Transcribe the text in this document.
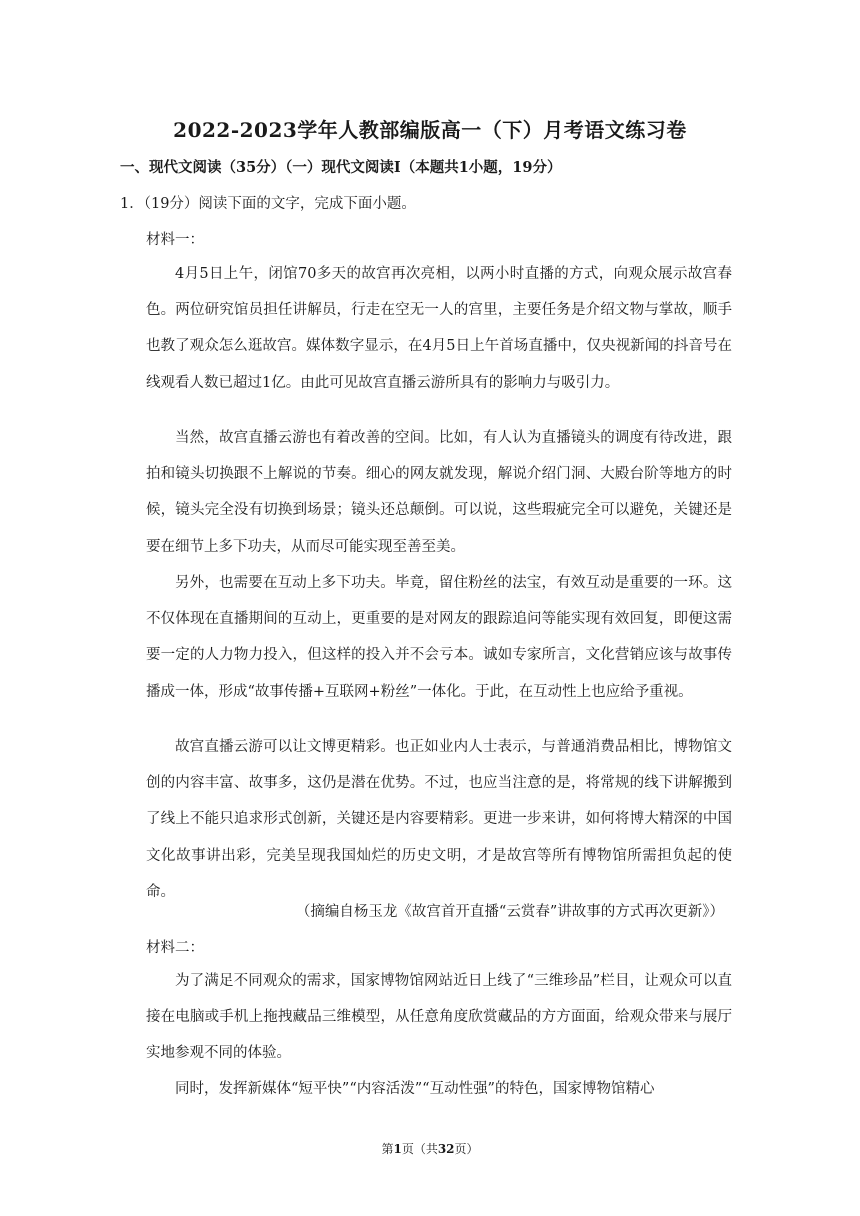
2022-2023学年人教部编版高一（下）月考语文练习卷

一、现代文阅读（35分）（一）现代文阅读Ⅰ（本题共1小题，19分）

1．（19分）阅读下面的文字，完成下面小题。

材料一：

4月5日上午，闭馆70多天的故宫再次亮相，以两小时直播的方式，向观众展示故宫春色。两位研究馆员担任讲解员，行走在空无一人的宫里，主要任务是介绍文物与掌故，顺手也教了观众怎么逛故宫。媒体数字显示，在4月5日上午首场直播中，仅央视新闻的抖音号在线观看人数已超过1亿。由此可见故宫直播云游所具有的影响力与吸引力。

当然，故宫直播云游也有着改善的空间。比如，有人认为直播镜头的调度有待改进，跟拍和镜头切换跟不上解说的节奏。细心的网友就发现，解说介绍门洞、大殿台阶等地方的时候，镜头完全没有切换到场景；镜头还总颠倒。可以说，这些瑕疵完全可以避免，关键还是要在细节上多下功夫，从而尽可能实现至善至美。

另外，也需要在互动上多下功夫。毕竟，留住粉丝的法宝，有效互动是重要的一环。这不仅体现在直播期间的互动上，更重要的是对网友的跟踪追问等能实现有效回复，即便这需要一定的人力物力投入，但这样的投入并不会亏本。诚如专家所言，文化营销应该与故事传播成一体，形成“故事传播+互联网+粉丝”一体化。于此，在互动性上也应给予重视。

故宫直播云游可以让文博更精彩。也正如业内人士表示，与普通消费品相比，博物馆文创的内容丰富、故事多，这仍是潜在优势。不过，也应当注意的是，将常规的线下讲解搬到了线上不能只追求形式创新，关键还是内容要精彩。更进一步来讲，如何将博大精深的中国文化故事讲出彩，完美呈现我国灿烂的历史文明，才是故宫等所有博物馆所需担负起的使命。

（摘编自杨玉龙《故宫首开直播“云赏春”讲故事的方式再次更新》）

材料二：

为了满足不同观众的需求，国家博物馆网站近日上线了“三维珍品”栏目，让观众可以直接在电脑或手机上拖拽藏品三维模型，从任意角度欣赏藏品的方方面面，给观众带来与展厅实地参观不同的体验。

同时，发挥新媒体“短平快”“内容活泼”“互动性强”的特色，国家博物馆精心

第1页（共32页）
